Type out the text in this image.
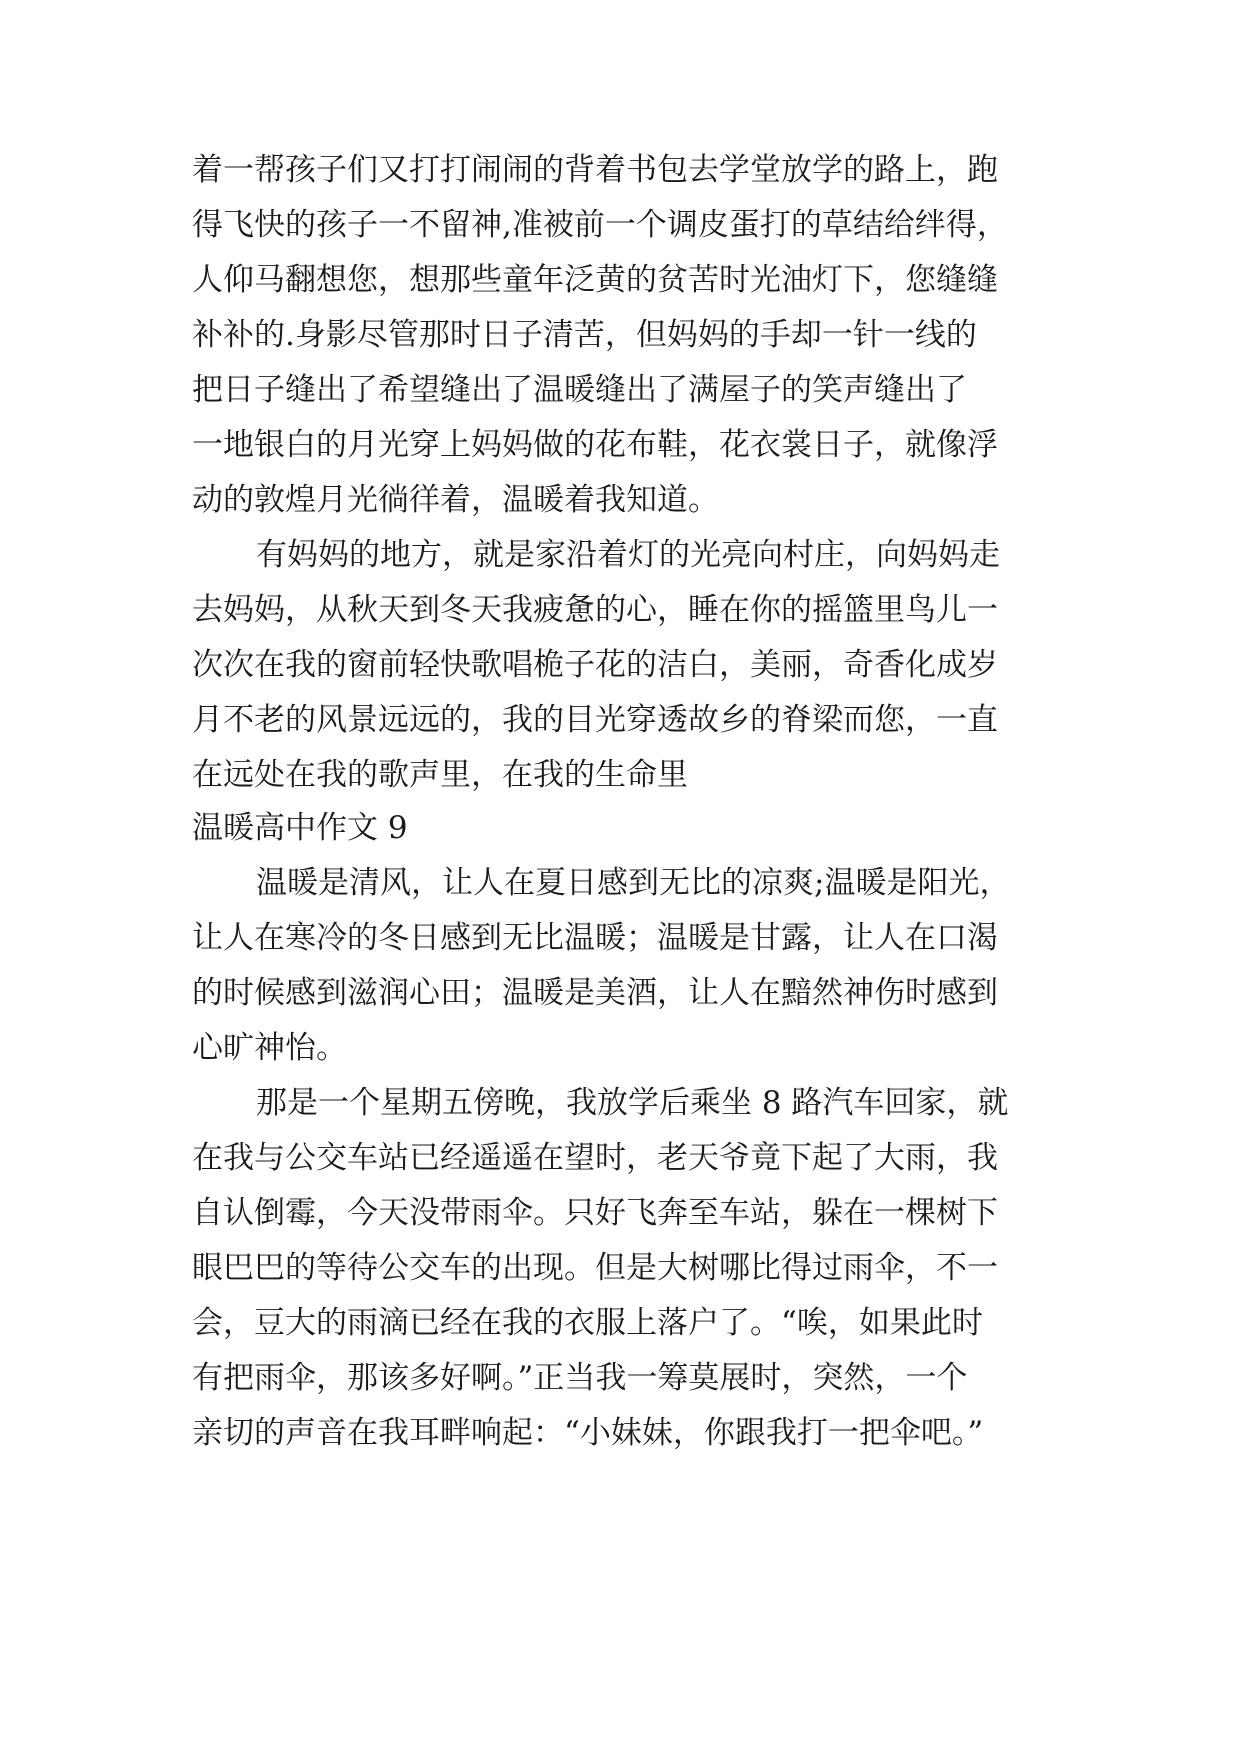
着一帮孩子们又打打闹闹的背着书包去学堂放学的路上，跑
得飞快的孩子一不留神,准被前一个调皮蛋打的草结给绊得，
人仰马翻想您，想那些童年泛黄的贫苦时光油灯下，您缝缝
补补的.身影尽管那时日子清苦，但妈妈的手却一针一线的
把日子缝出了希望缝出了温暖缝出了满屋子的笑声缝出了
一地银白的月光穿上妈妈做的花布鞋，花衣裳日子，就像浮
动的敦煌月光徜徉着，温暖着我知道。
有妈妈的地方，就是家沿着灯的光亮向村庄，向妈妈走
去妈妈，从秋天到冬天我疲惫的心，睡在你的摇篮里鸟儿一
次次在我的窗前轻快歌唱桅子花的洁白，美丽，奇香化成岁
月不老的风景远远的，我的目光穿透故乡的脊梁而您，一直
在远处在我的歌声里，在我的生命里
温暖高中作文 9
温暖是清风，让人在夏日感到无比的凉爽;温暖是阳光，
让人在寒冷的冬日感到无比温暖；温暖是甘露，让人在口渴
的时候感到滋润心田；温暖是美酒，让人在黯然神伤时感到
心旷神怡。
那是一个星期五傍晚，我放学后乘坐 8 路汽车回家，就
在我与公交车站已经遥遥在望时，老天爷竟下起了大雨，我
自认倒霉，今天没带雨伞。只好飞奔至车站，躲在一棵树下
眼巴巴的等待公交车的出现。但是大树哪比得过雨伞，不一
会，豆大的雨滴已经在我的衣服上落户了。“唉，如果此时
有把雨伞，那该多好啊。”正当我一筹莫展时，突然，一个
亲切的声音在我耳畔响起：“小妹妹，你跟我打一把伞吧。”
